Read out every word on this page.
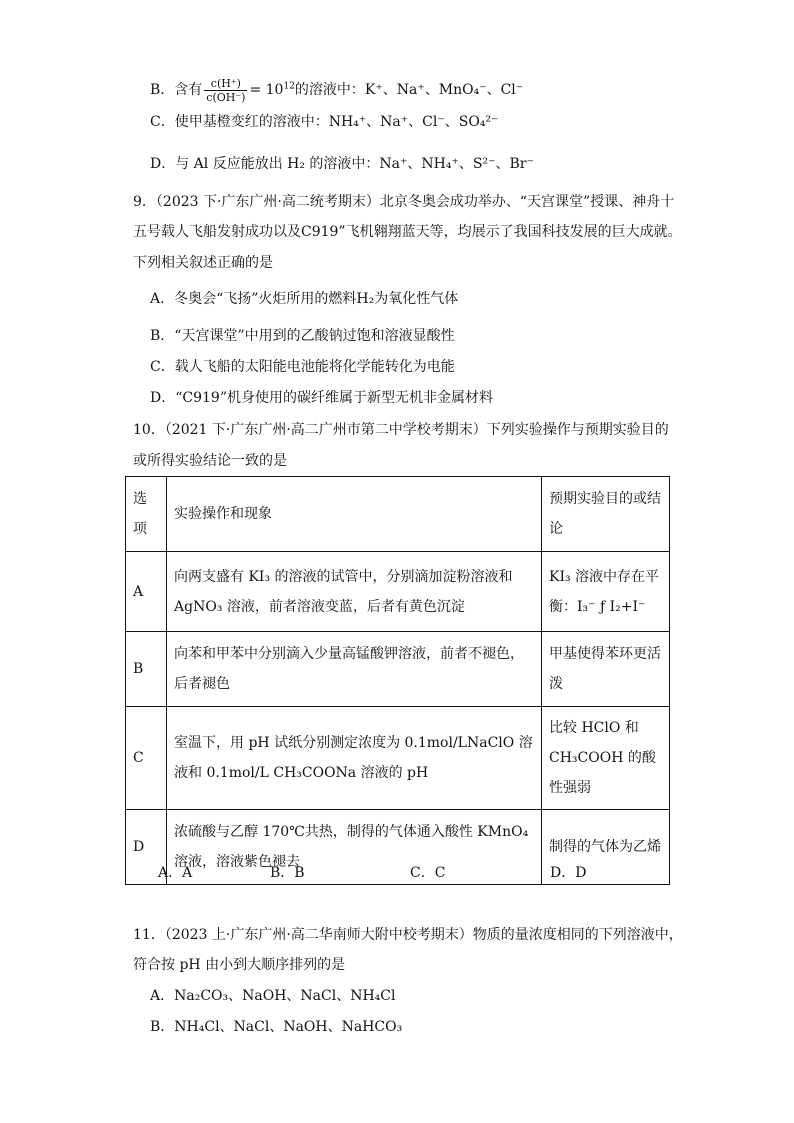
B．含有 $\frac{c(H^+)}{c(OH^-)} = 10^{12}$的溶液中：K⁺、Na⁺、MnO₄⁻、Cl⁻
C．使甲基橙变红的溶液中：NH₄⁺、Na⁺、Cl⁻、SO₄²⁻
D．与 Al 反应能放出 H₂ 的溶液中：Na⁺、NH₄⁺、S²⁻、Br⁻
9．（2023 下·广东广州·高二统考期末）北京冬奥会成功举办、“天宫课堂”授课、神舟十
五号载人飞船发射成功以及C919”飞机翱翔蓝天等，均展示了我国科技发展的巨大成就。
下列相关叙述正确的是
A．冬奥会“飞扬”火炬所用的燃料H₂为氧化性气体
B．“天宫课堂”中用到的乙酸钠过饱和溶液显酸性
C．载人飞船的太阳能电池能将化学能转化为电能
D．“C919”机身使用的碳纤维属于新型无机非金属材料
10．（2021 下·广东广州·高二广州市第二中学校考期末）下列实验操作与预期实验目的
或所得实验结论一致的是
选项	实验操作和现象	预期实验目的或结论
A	向两支盛有 KI₃ 的溶液的试管中，分别滴加淀粉溶液和 AgNO₃ 溶液，前者溶液变蓝，后者有黄色沉淀	KI₃ 溶液中存在平衡：I₃⁻ ƒ I₂+I⁻
B	向苯和甲苯中分别滴入少量高锰酸钾溶液，前者不褪色，后者褪色	甲基使得苯环更活泼
C	室温下，用 pH 试纸分别测定浓度为 0.1mol/LNaClO 溶液和 0.1mol/L CH₃COONa 溶液的 pH	比较 HClO 和 CH₃COOH 的酸性强弱
D	浓硫酸与乙醇 170℃共热，制得的气体通入酸性 KMnO₄ 溶液，溶液紫色褪去	制得的气体为乙烯
A．A	B．B	C．C	D．D
11．（2023 上·广东广州·高二华南师大附中校考期末）物质的量浓度相同的下列溶液中，
符合按 pH 由小到大顺序排列的是
A．Na₂CO₃、NaOH、NaCl、NH₄Cl
B．NH₄Cl、NaCl、NaOH、NaHCO₃
